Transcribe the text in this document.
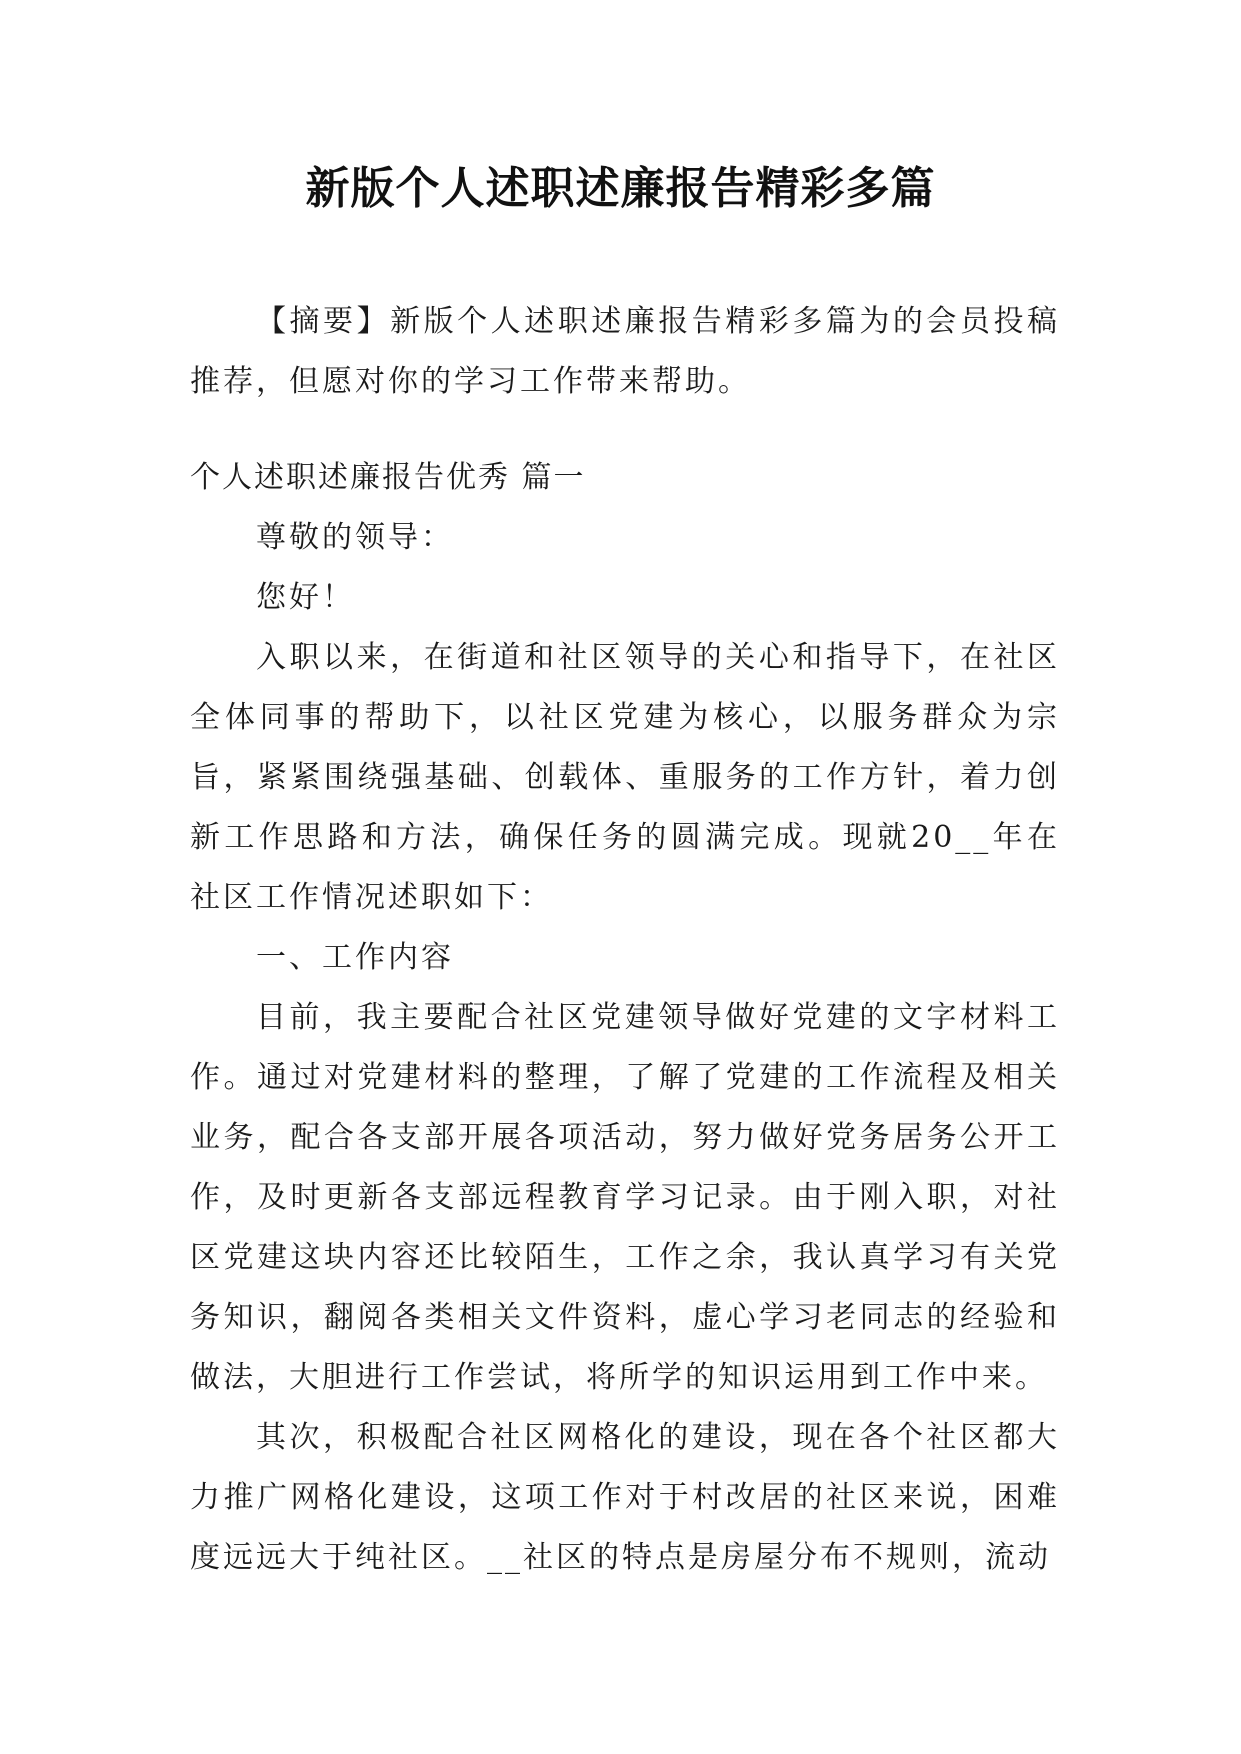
新版个人述职述廉报告精彩多篇

【摘要】新版个人述职述廉报告精彩多篇为的会员投稿推荐，但愿对你的学习工作带来帮助。

个人述职述廉报告优秀 篇一

尊敬的领导：

您好！

入职以来，在街道和社区领导的关心和指导下，在社区全体同事的帮助下，以社区党建为核心，以服务群众为宗旨，紧紧围绕强基础、创载体、重服务的工作方针，着力创新工作思路和方法，确保任务的圆满完成。现就20__年在社区工作情况述职如下：

一、工作内容

目前，我主要配合社区党建领导做好党建的文字材料工作。通过对党建材料的整理，了解了党建的工作流程及相关业务，配合各支部开展各项活动，努力做好党务居务公开工作，及时更新各支部远程教育学习记录。由于刚入职，对社区党建这块内容还比较陌生，工作之余，我认真学习有关党务知识，翻阅各类相关文件资料，虚心学习老同志的经验和做法，大胆进行工作尝试，将所学的知识运用到工作中来。

其次，积极配合社区网格化的建设，现在各个社区都大力推广网格化建设，这项工作对于村改居的社区来说，困难度远远大于纯社区。__社区的特点是房屋分布不规则，流动
